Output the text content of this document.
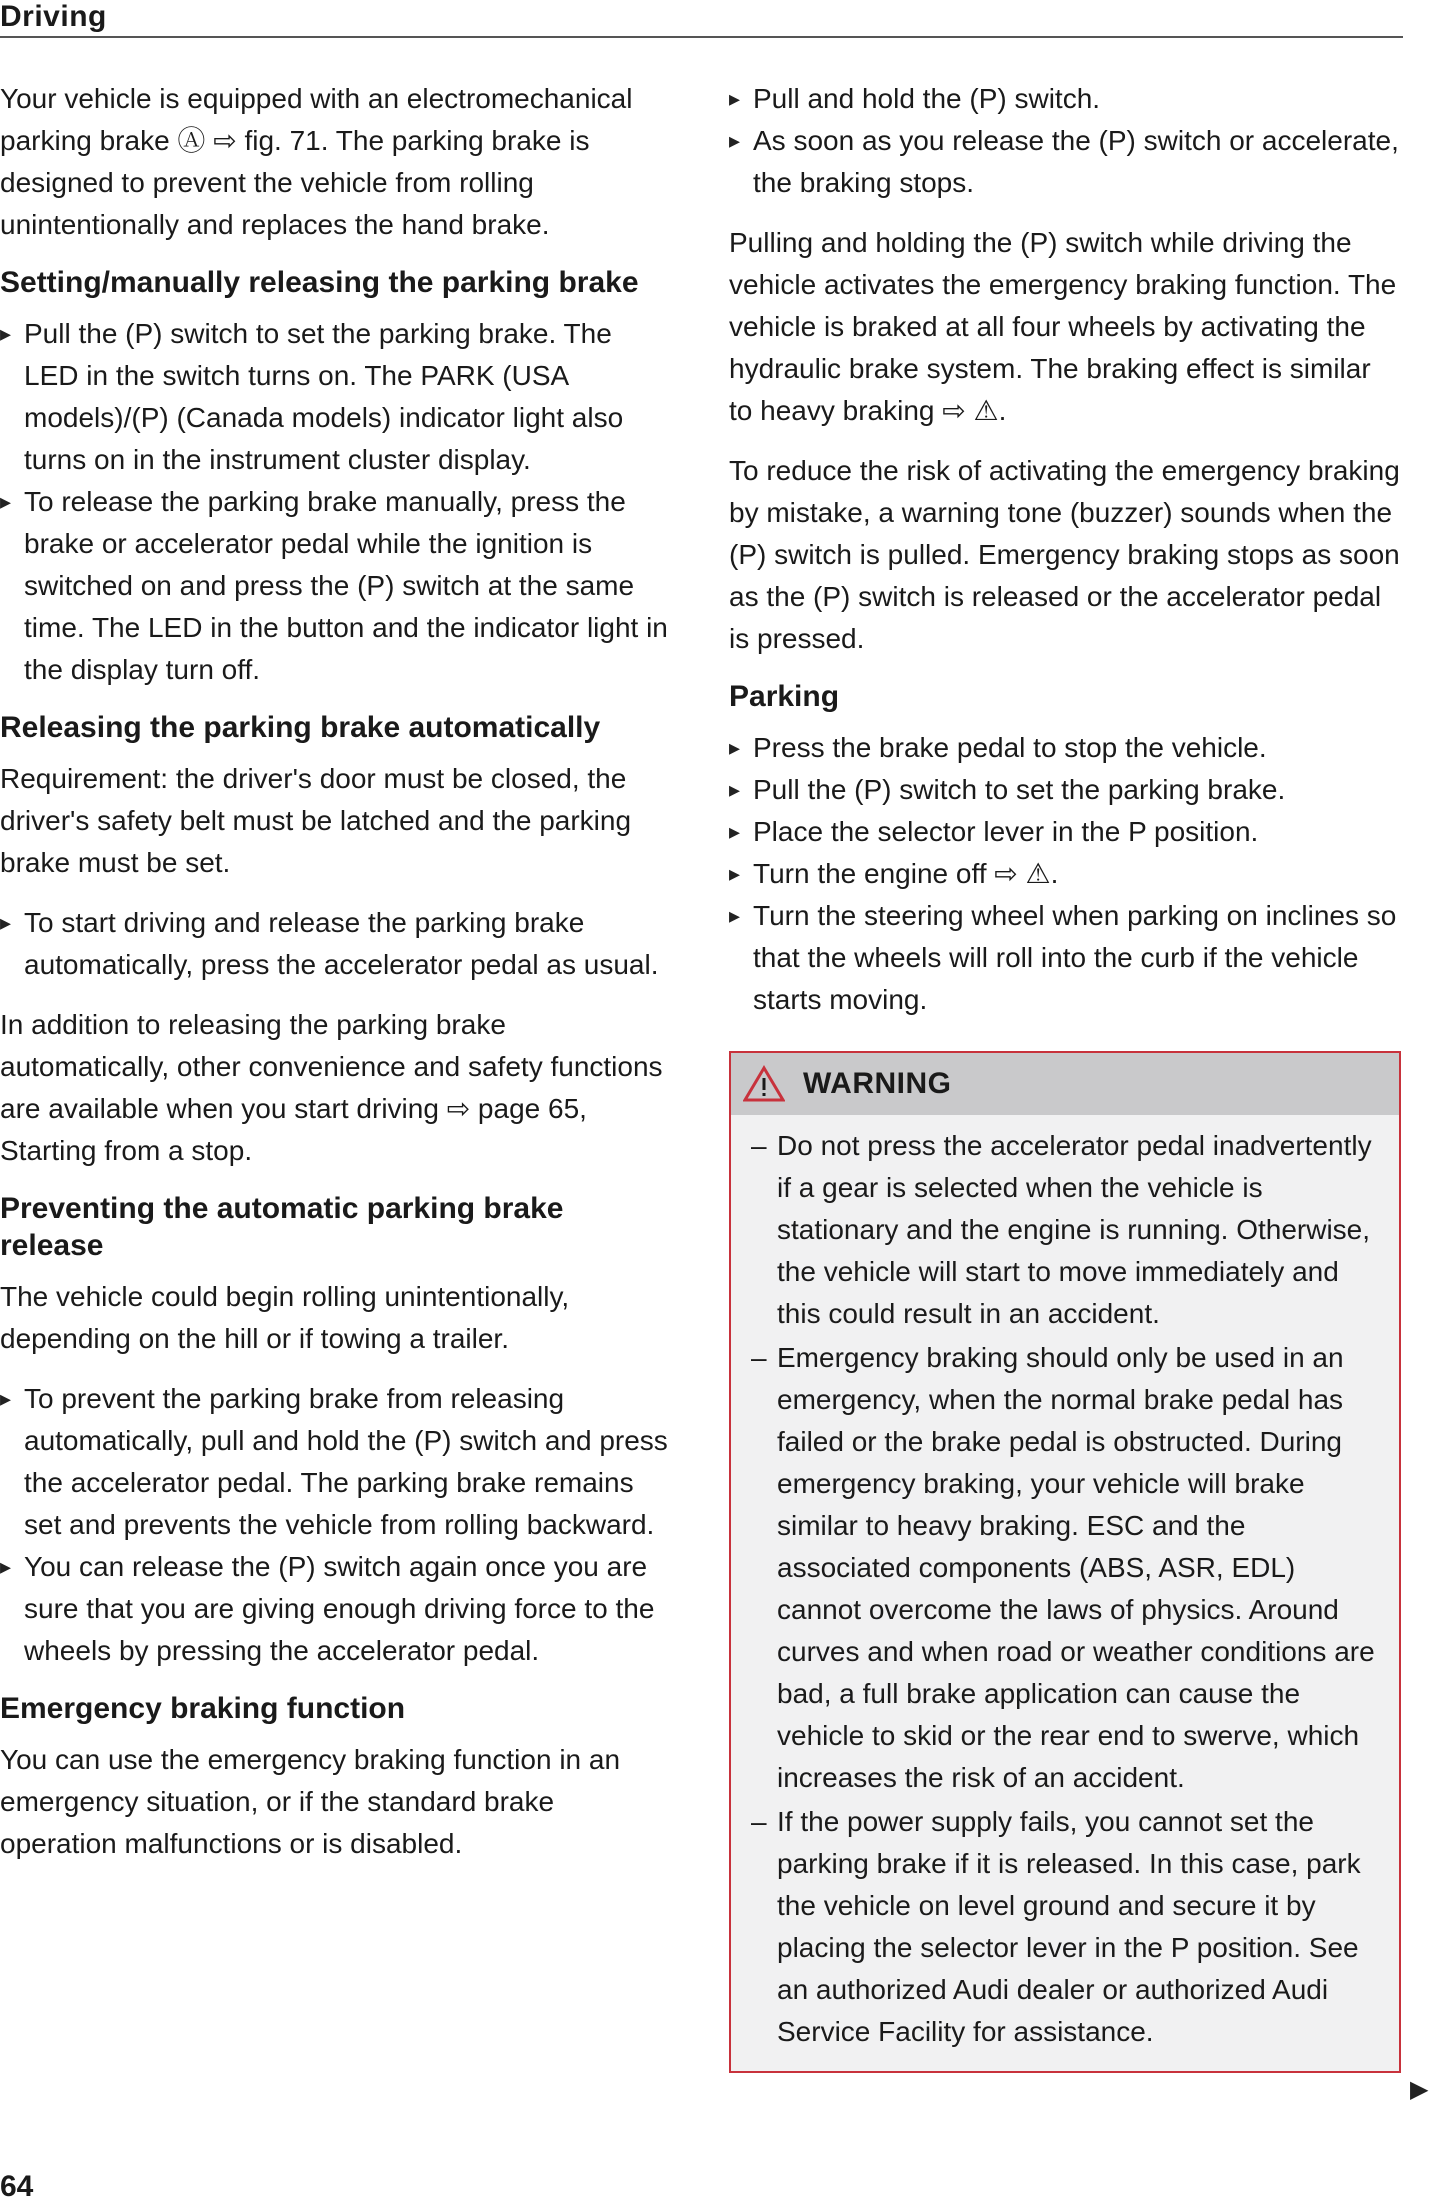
Driving

Your vehicle is equipped with an electromechanical parking brake Ⓐ ⇨ fig. 71. The parking brake is designed to prevent the vehicle from rolling unintentionally and replaces the hand brake.

Setting/manually releasing the parking brake
▸ Pull the (P) switch to set the parking brake. The LED in the switch turns on. The PARK (USA models)/(P) (Canada models) indicator light also turns on in the instrument cluster display.
▸ To release the parking brake manually, press the brake or accelerator pedal while the ignition is switched on and press the (P) switch at the same time. The LED in the button and the indicator light in the display turn off.
Releasing the parking brake automatically

Requirement: the driver's door must be closed, the driver's safety belt must be latched and the parking brake must be set.

▸ To start driving and release the parking brake automatically, press the accelerator pedal as usual.

In addition to releasing the parking brake automatically, other convenience and safety functions are available when you start driving ⇨ page 65, Starting from a stop.

Preventing the automatic parking brake release

The vehicle could begin rolling unintentionally, depending on the hill or if towing a trailer.

▸ To prevent the parking brake from releasing automatically, pull and hold the (P) switch and press the accelerator pedal. The parking brake remains set and prevents the vehicle from rolling backward.
▸ You can release the (P) switch again once you are sure that you are giving enough driving force to the wheels by pressing the accelerator pedal.
Emergency braking function

You can use the emergency braking function in an emergency situation, or if the standard brake operation malfunctions or is disabled.

▸ Pull and hold the (P) switch.
▸ As soon as you release the (P) switch or accelerate, the braking stops.

Pulling and holding the (P) switch while driving the vehicle activates the emergency braking function. The vehicle is braked at all four wheels by activating the hydraulic brake system. The braking effect is similar to heavy braking ⇨ ⚠.

To reduce the risk of activating the emergency braking by mistake, a warning tone (buzzer) sounds when the (P) switch is pulled. Emergency braking stops as soon as the (P) switch is released or the accelerator pedal is pressed.

Parking
▸ Press the brake pedal to stop the vehicle.
▸ Pull the (P) switch to set the parking brake.
▸ Place the selector lever in the P position.
▸ Turn the engine off ⇨ ⚠.
▸ Turn the steering wheel when parking on inclines so that the wheels will roll into the curb if the vehicle starts moving.
WARNING
– Do not press the accelerator pedal inadvertently if a gear is selected when the vehicle is stationary and the engine is running. Otherwise, the vehicle will start to move immediately and this could result in an accident.
– Emergency braking should only be used in an emergency, when the normal brake pedal has failed or the brake pedal is obstructed. During emergency braking, your vehicle will brake similar to heavy braking. ESC and the associated components (ABS, ASR, EDL) cannot overcome the laws of physics. Around curves and when road or weather conditions are bad, a full brake application can cause the vehicle to skid or the rear end to swerve, which increases the risk of an accident.
– If the power supply fails, you cannot set the parking brake if it is released. In this case, park the vehicle on level ground and secure it by placing the selector lever in the P position. See an authorized Audi dealer or authorized Audi Service Facility for assistance.
▶
64
